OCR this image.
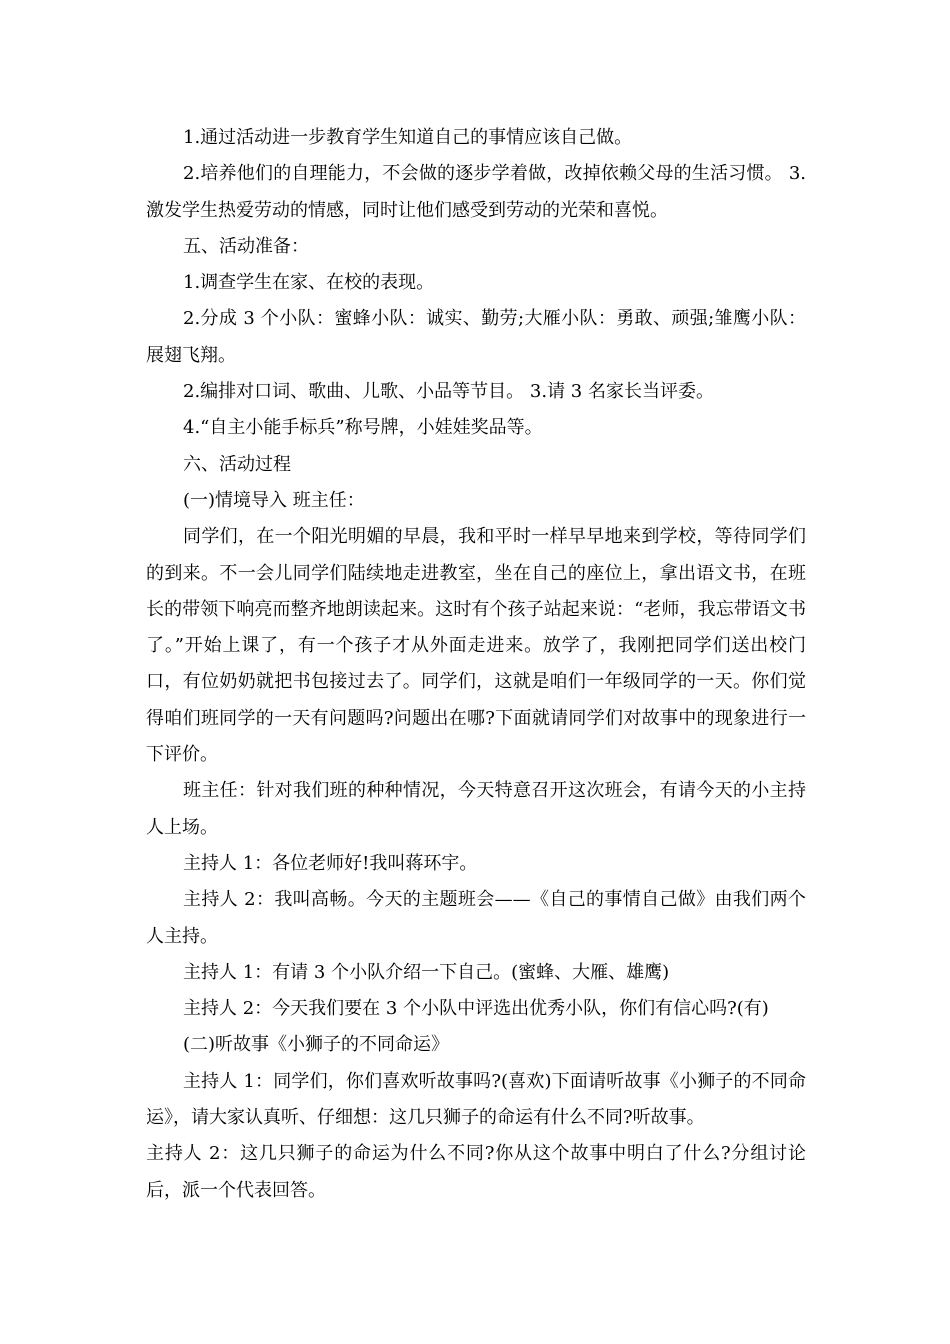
1.通过活动进一步教育学生知道自己的事情应该自己做。

2.培养他们的自理能力，不会做的逐步学着做，改掉依赖父母的生活习惯。 3.激发学生热爱劳动的情感，同时让他们感受到劳动的光荣和喜悦。

五、活动准备：

1.调查学生在家、在校的表现。

2.分成 3 个小队：蜜蜂小队：诚实、勤劳;大雁小队：勇敢、顽强;雏鹰小队：展翅飞翔。

2.编排对口词、歌曲、儿歌、小品等节目。 3.请 3 名家长当评委。

4.“自主小能手标兵”称号牌，小娃娃奖品等。

六、活动过程

(一)情境导入 班主任：

同学们，在一个阳光明媚的早晨，我和平时一样早早地来到学校，等待同学们的到来。不一会儿同学们陆续地走进教室，坐在自己的座位上，拿出语文书，在班长的带领下响亮而整齐地朗读起来。这时有个孩子站起来说：“老师，我忘带语文书了。”开始上课了，有一个孩子才从外面走进来。放学了，我刚把同学们送出校门口，有位奶奶就把书包接过去了。同学们，这就是咱们一年级同学的一天。你们觉得咱们班同学的一天有问题吗?问题出在哪?下面就请同学们对故事中的现象进行一下评价。

班主任：针对我们班的种种情况，今天特意召开这次班会，有请今天的小主持人上场。

主持人 1：各位老师好!我叫蒋环宇。

主持人 2：我叫高畅。今天的主题班会——《自己的事情自己做》由我们两个人主持。

主持人 1：有请 3 个小队介绍一下自己。(蜜蜂、大雁、雄鹰)

主持人 2：今天我们要在 3 个小队中评选出优秀小队，你们有信心吗?(有)

(二)听故事《小狮子的不同命运》

主持人 1：同学们，你们喜欢听故事吗?(喜欢)下面请听故事《小狮子的不同命运》，请大家认真听、仔细想：这几只狮子的命运有什么不同?听故事。

主持人 2：这几只狮子的命运为什么不同?你从这个故事中明白了什么?分组讨论后，派一个代表回答。
